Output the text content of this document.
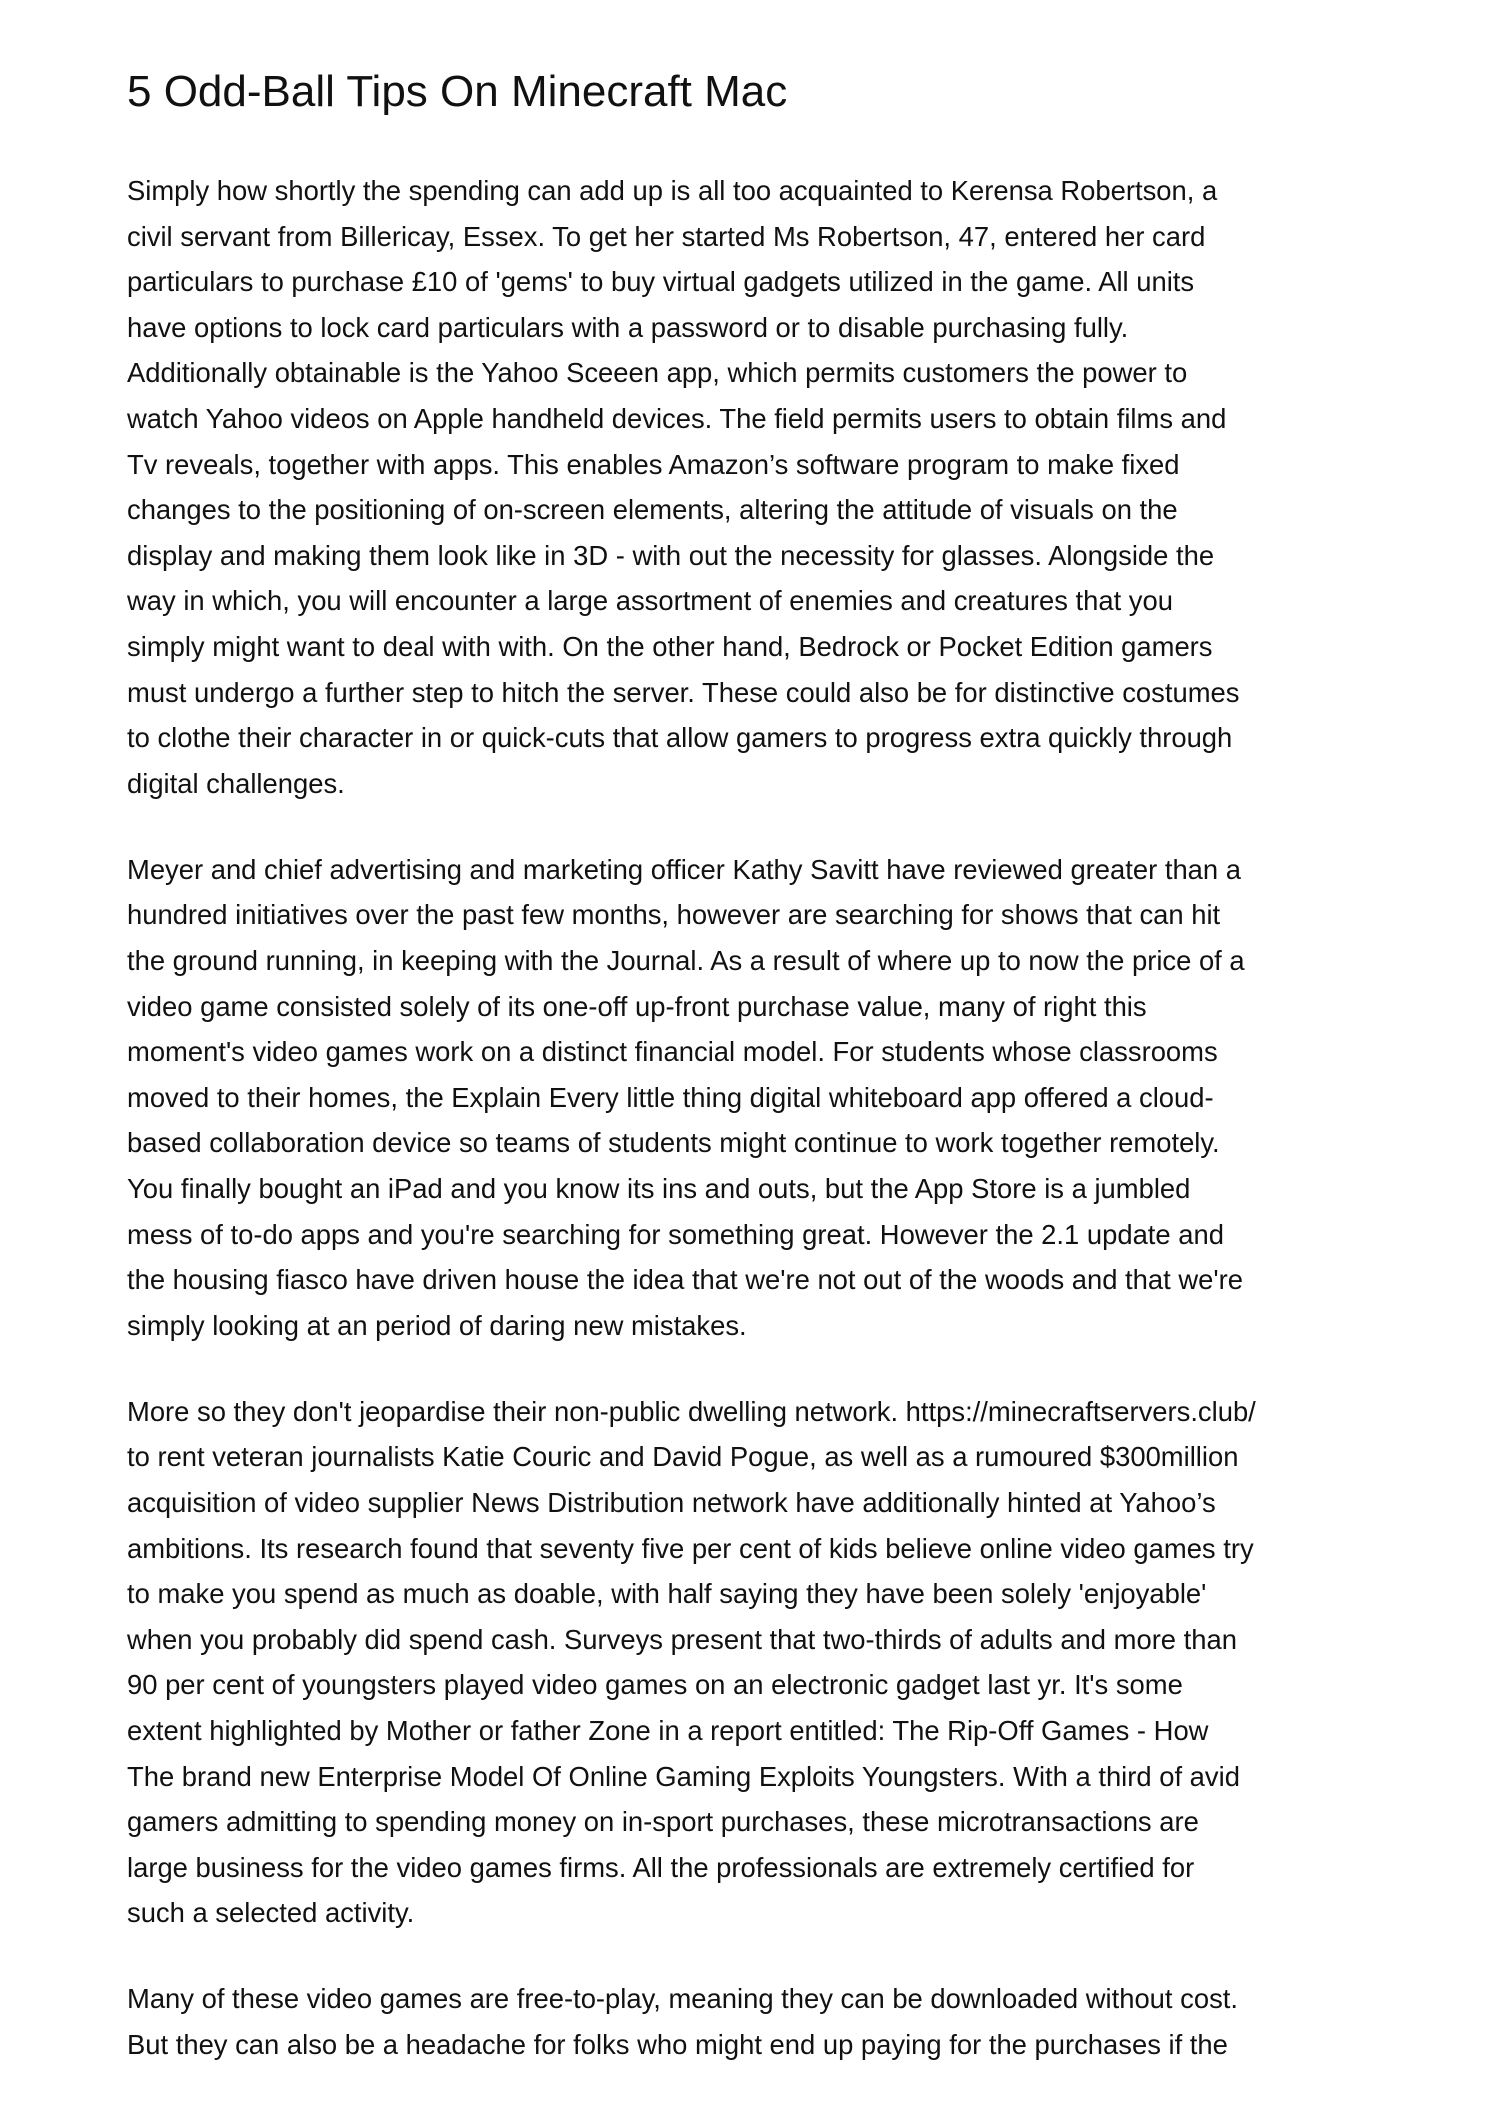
5 Odd-Ball Tips On Minecraft Mac

Simply how shortly the spending can add up is all too acquainted to Kerensa Robertson, a
civil servant from Billericay, Essex. To get her started Ms Robertson, 47, entered her card
particulars to purchase £10 of 'gems' to buy virtual gadgets utilized in the game. All units
have options to lock card particulars with a password or to disable purchasing fully.
Additionally obtainable is the Yahoo Sceeen app, which permits customers the power to
watch Yahoo videos on Apple handheld devices. The field permits users to obtain films and
Tv reveals, together with apps. This enables Amazon’s software program to make fixed
changes to the positioning of on-screen elements, altering the attitude of visuals on the
display and making them look like in 3D - with out the necessity for glasses. Alongside the
way in which, you will encounter a large assortment of enemies and creatures that you
simply might want to deal with with. On the other hand, Bedrock or Pocket Edition gamers
must undergo a further step to hitch the server. These could also be for distinctive costumes
to clothe their character in or quick-cuts that allow gamers to progress extra quickly through
digital challenges.

Meyer and chief advertising and marketing officer Kathy Savitt have reviewed greater than a
hundred initiatives over the past few months, however are searching for shows that can hit
the ground running, in keeping with the Journal. As a result of where up to now the price of a
video game consisted solely of its one-off up-front purchase value, many of right this
moment's video games work on a distinct financial model. For students whose classrooms
moved to their homes, the Explain Every little thing digital whiteboard app offered a cloud-
based collaboration device so teams of students might continue to work together remotely.
You finally bought an iPad and you know its ins and outs, but the App Store is a jumbled
mess of to-do apps and you're searching for something great. However the 2.1 update and
the housing fiasco have driven house the idea that we're not out of the woods and that we're
simply looking at an period of daring new mistakes.

More so they don't jeopardise their non-public dwelling network. https://minecraftservers.club/
to rent veteran journalists Katie Couric and David Pogue, as well as a rumoured $300million
acquisition of video supplier News Distribution network have additionally hinted at Yahoo’s
ambitions. Its research found that seventy five per cent of kids believe online video games try
to make you spend as much as doable, with half saying they have been solely 'enjoyable'
when you probably did spend cash. Surveys present that two-thirds of adults and more than
90 per cent of youngsters played video games on an electronic gadget last yr. It's some
extent highlighted by Mother or father Zone in a report entitled: The Rip-Off Games - How
The brand new Enterprise Model Of Online Gaming Exploits Youngsters. With a third of avid
gamers admitting to spending money on in-sport purchases, these microtransactions are
large business for the video games firms. All the professionals are extremely certified for
such a selected activity.

Many of these video games are free-to-play, meaning they can be downloaded without cost.
But they can also be a headache for folks who might end up paying for the purchases if the
